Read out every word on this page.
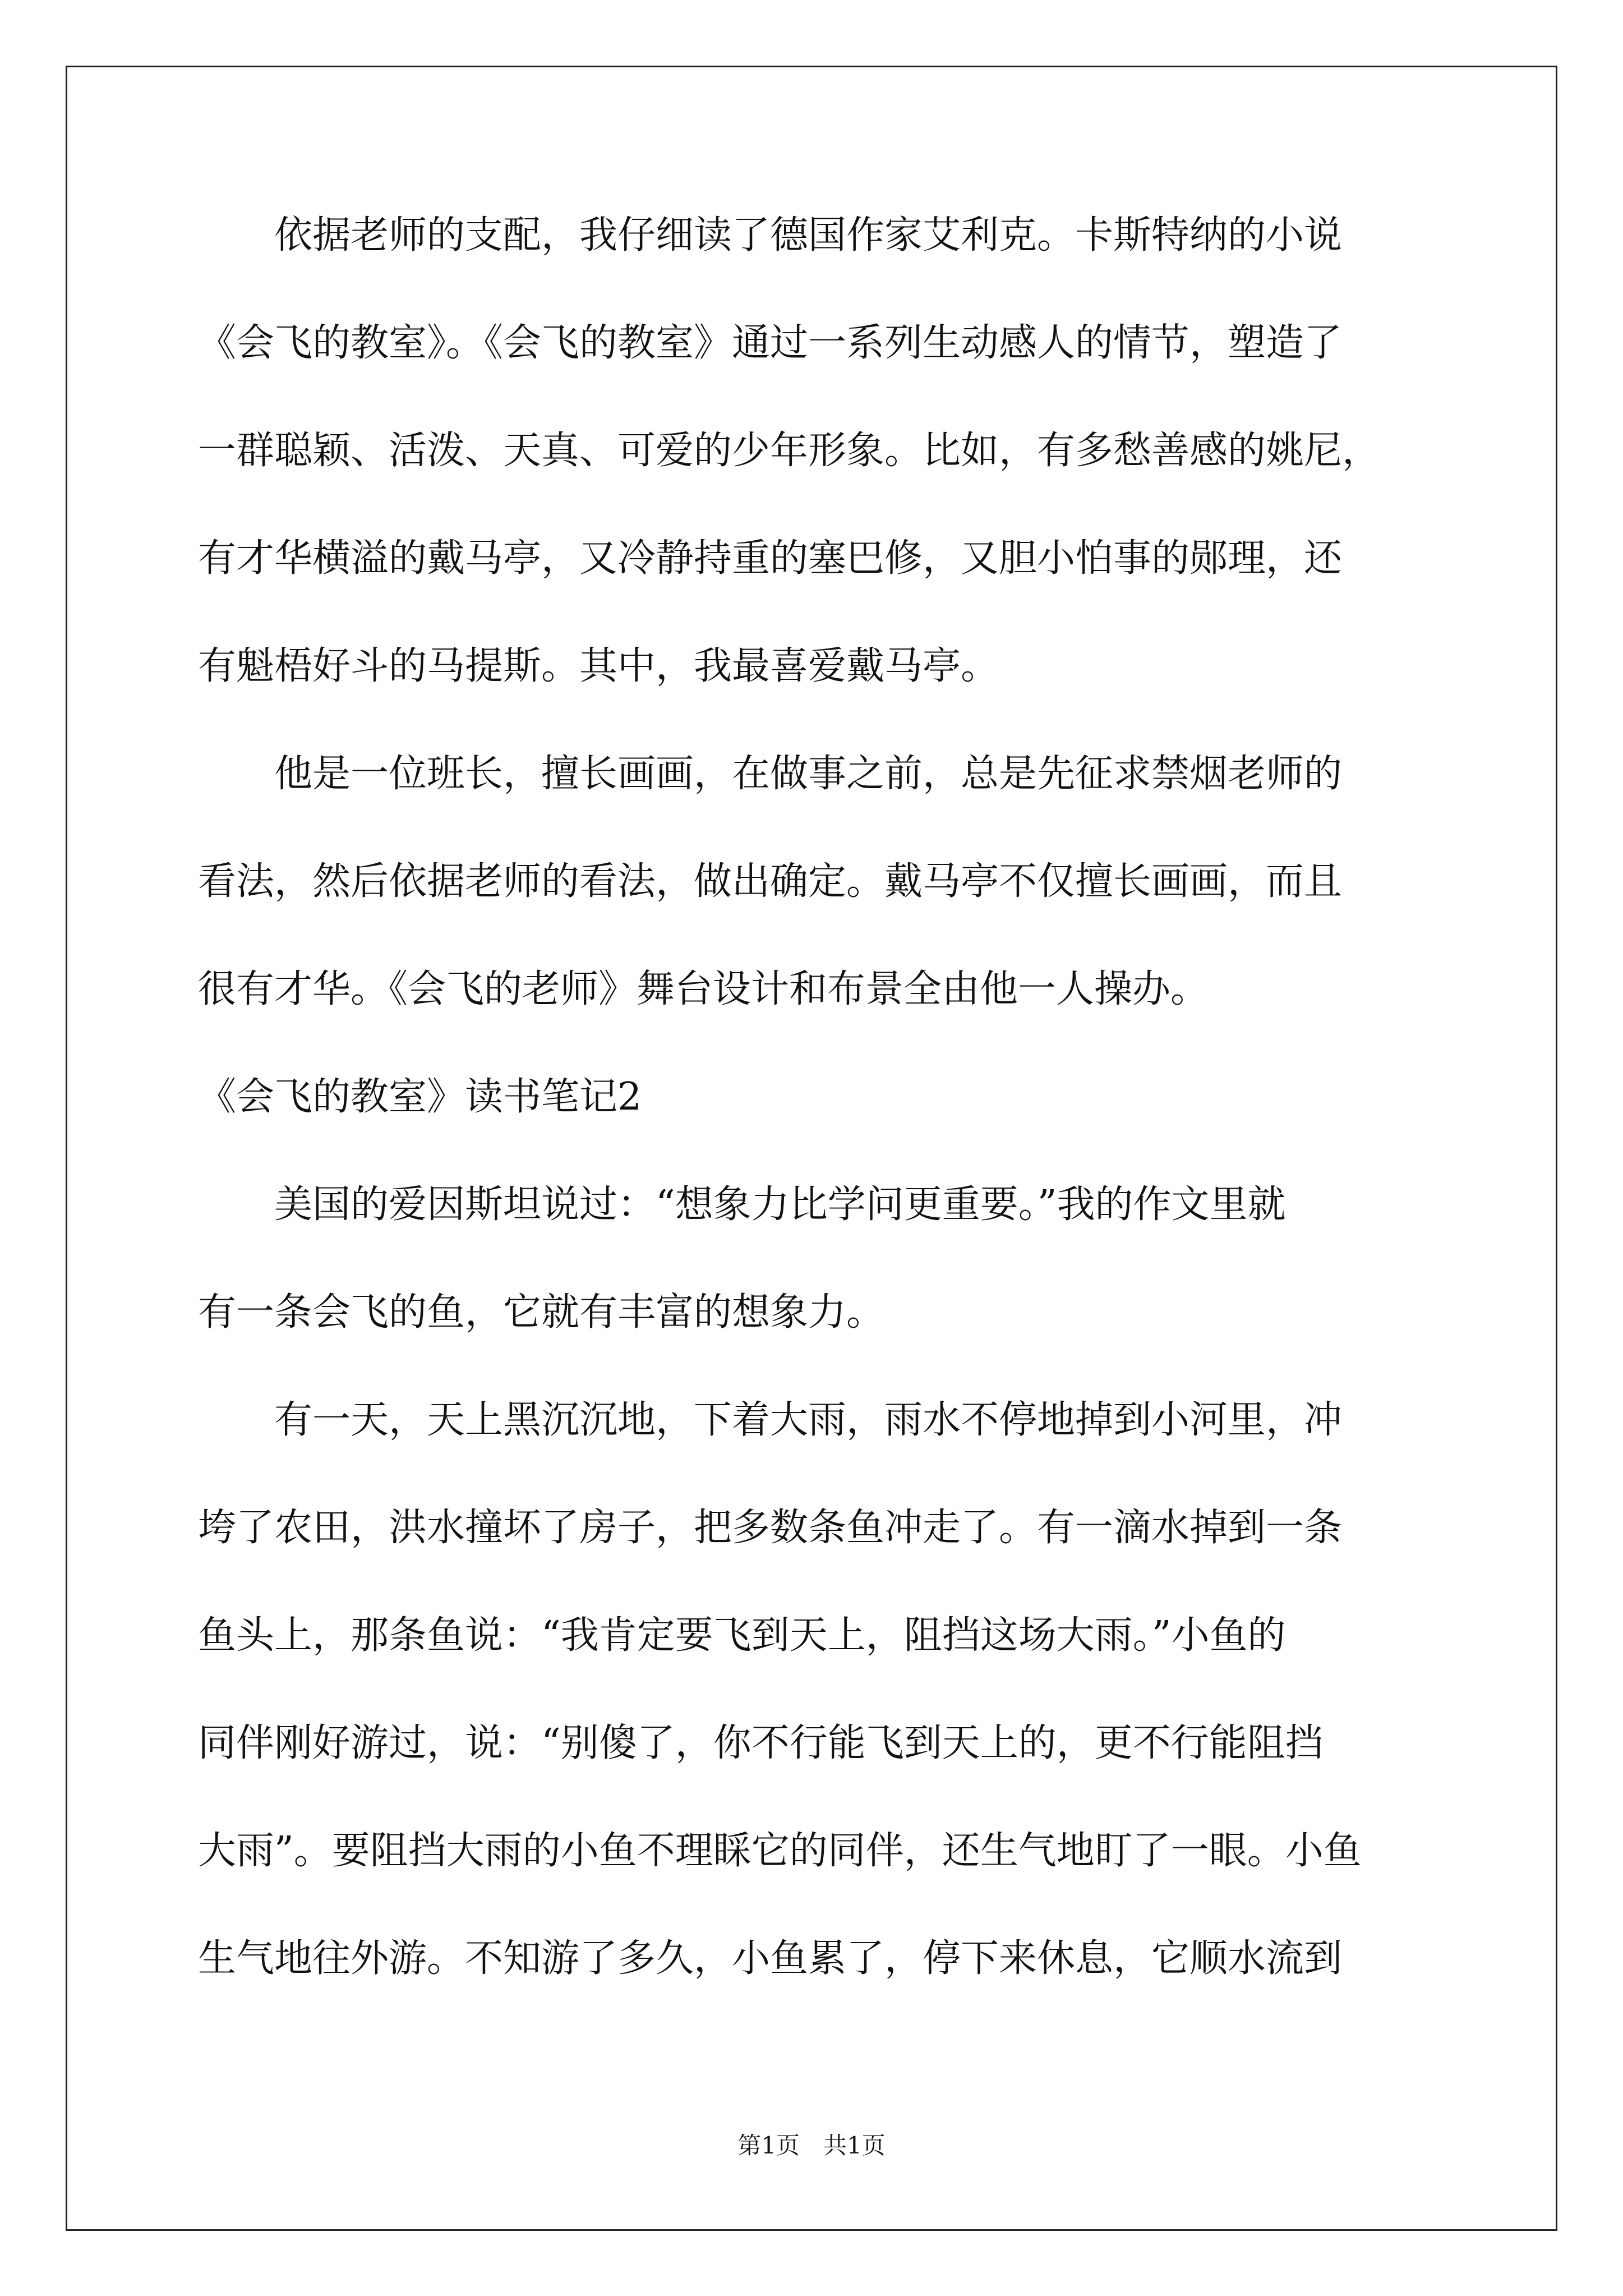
　　依据老师的支配，我仔细读了德国作家艾利克。卡斯特纳的小说
《会飞的教室》。《会飞的教室》通过一系列生动感人的情节，塑造了
一群聪颖、活泼、天真、可爱的少年形象。比如，有多愁善感的姚尼，
有才华横溢的戴马亭，又冷静持重的塞巴修，又胆小怕事的郧理，还
有魁梧好斗的马提斯。其中，我最喜爱戴马亭。
　　他是一位班长，擅长画画，在做事之前，总是先征求禁烟老师的
看法，然后依据老师的看法，做出确定。戴马亭不仅擅长画画，而且
很有才华。《会飞的老师》舞台设计和布景全由他一人操办。
《会飞的教室》读书笔记2
　　美国的爱因斯坦说过：“想象力比学问更重要。”我的作文里就
有一条会飞的鱼，它就有丰富的想象力。
　　有一天，天上黑沉沉地，下着大雨，雨水不停地掉到小河里，冲
垮了农田，洪水撞坏了房子，把多数条鱼冲走了。有一滴水掉到一条
鱼头上，那条鱼说：“我肯定要飞到天上，阻挡这场大雨。”小鱼的
同伴刚好游过，说：“别傻了，你不行能飞到天上的，更不行能阻挡
大雨”。要阻挡大雨的小鱼不理睬它的同伴，还生气地盯了一眼。小鱼
生气地往外游。不知游了多久，小鱼累了，停下来休息，它顺水流到
第1页　共1页
